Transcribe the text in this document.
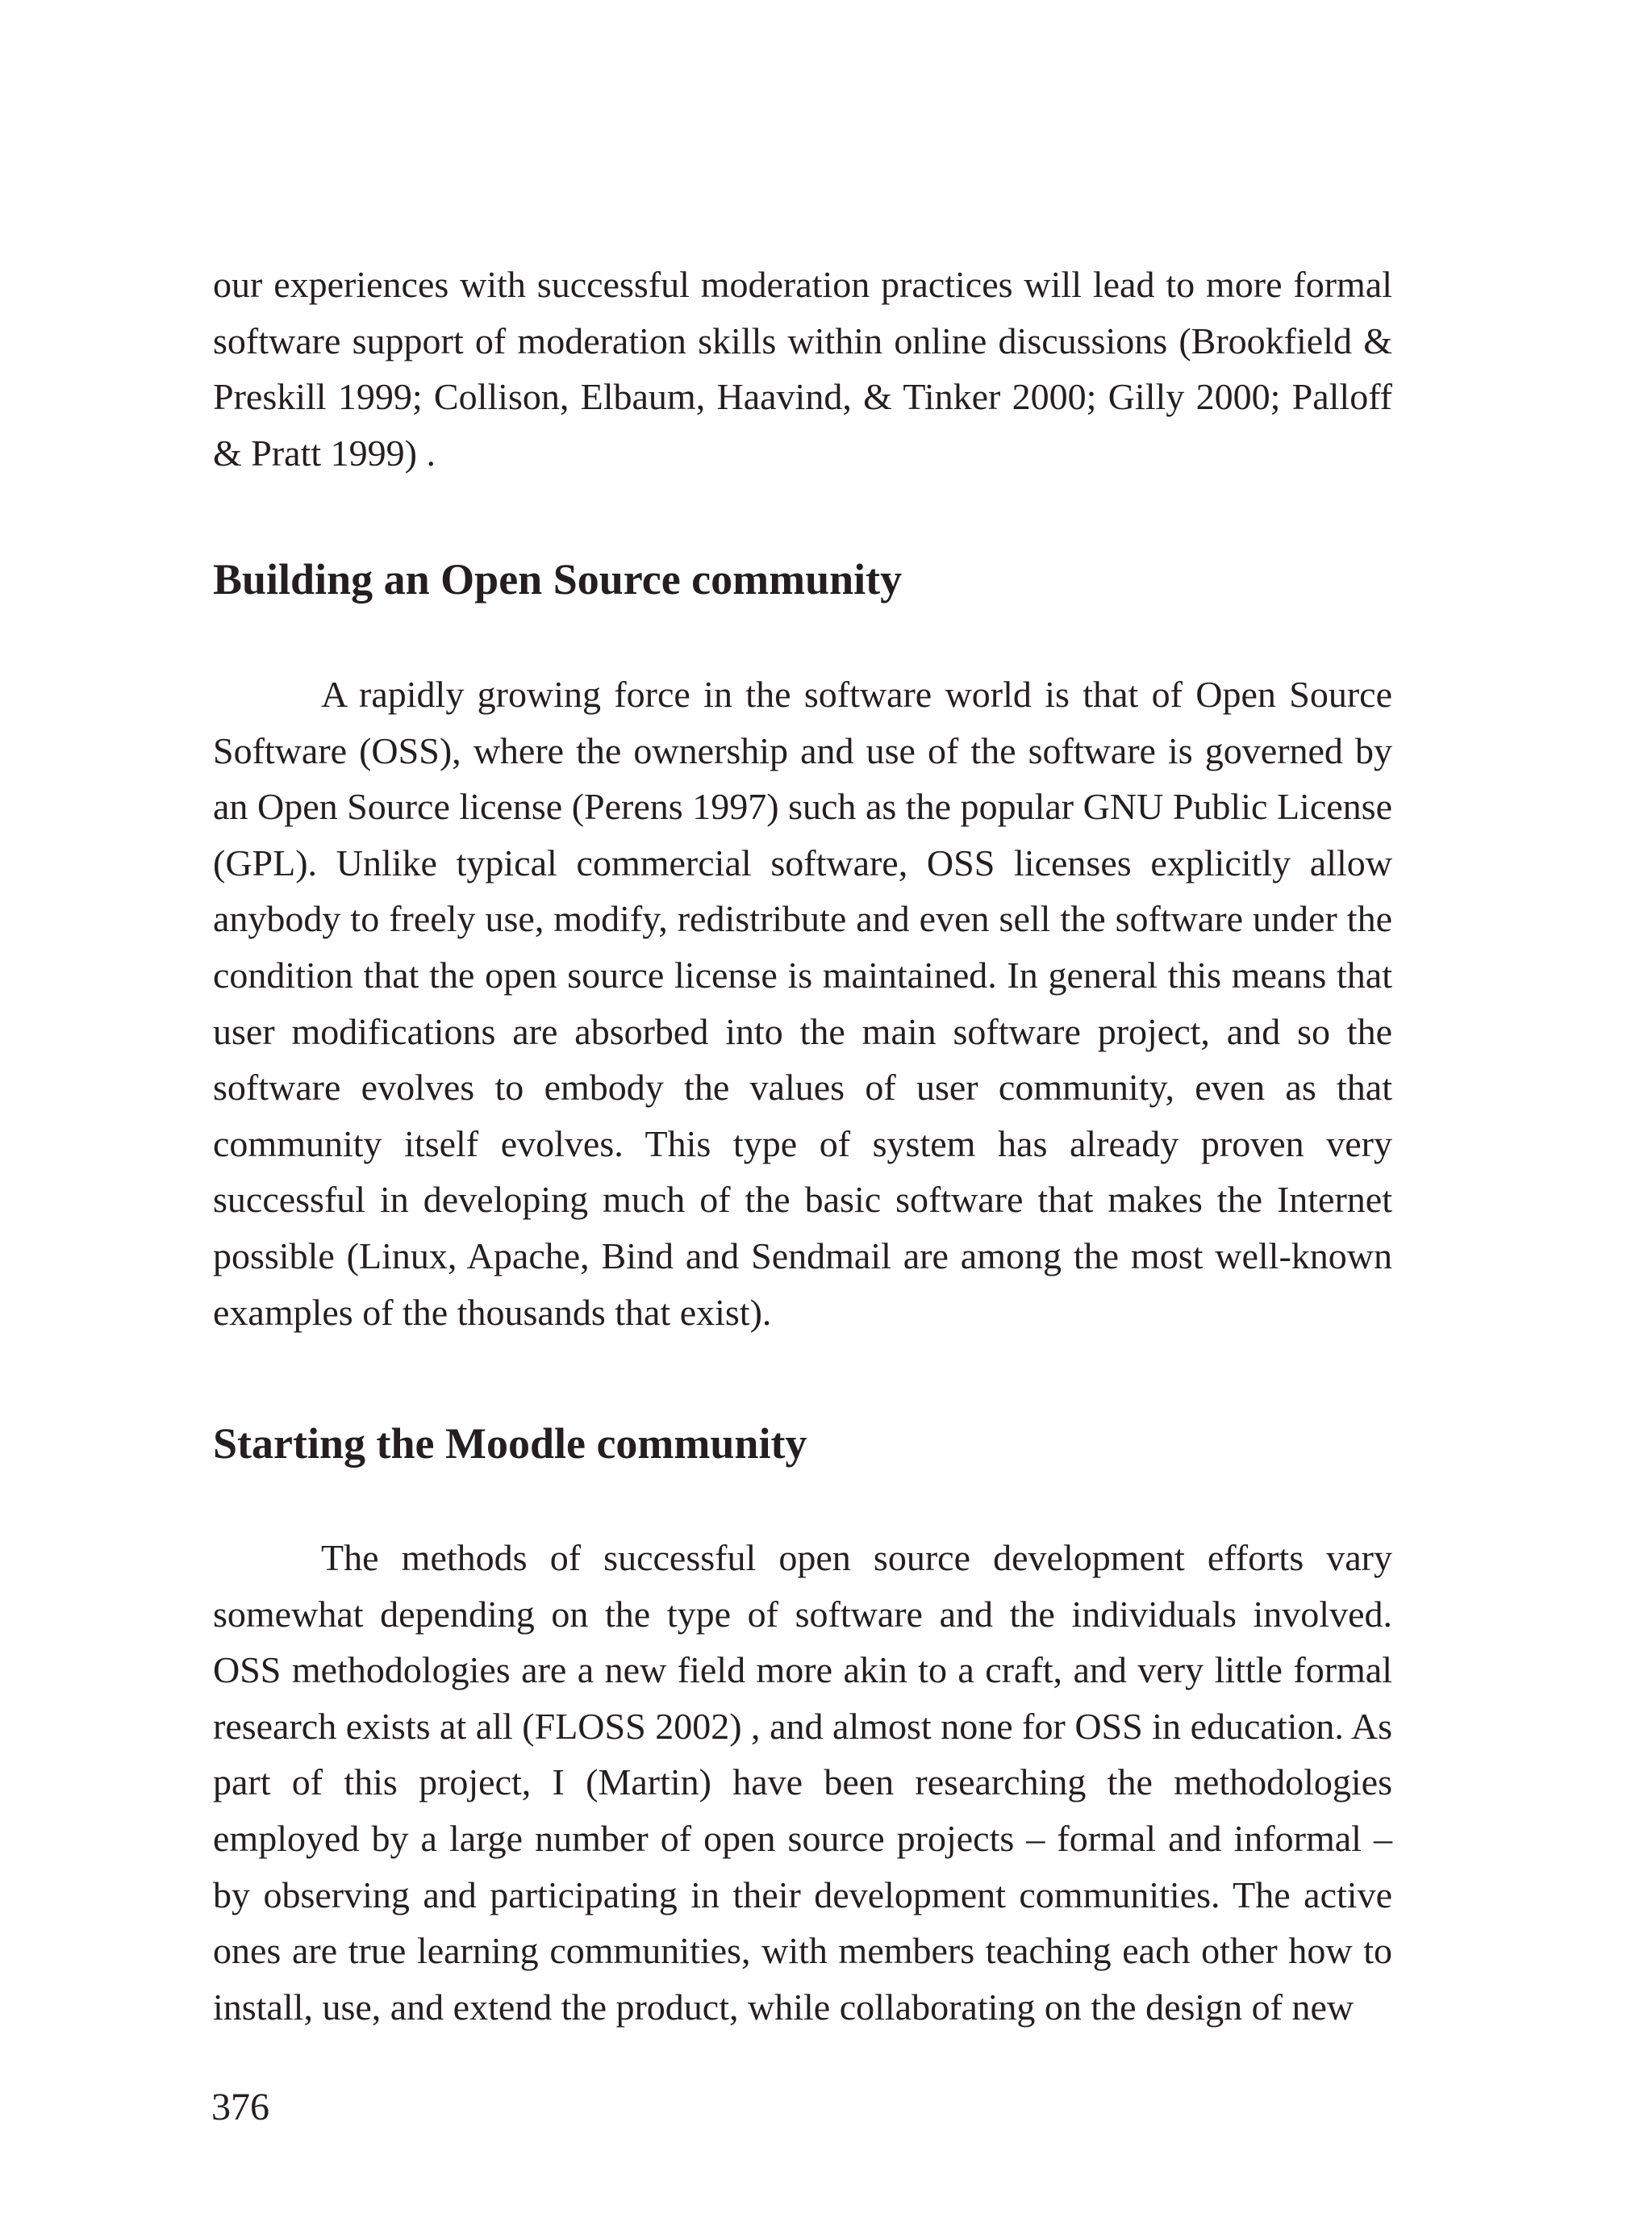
our experiences with successful moderation practices will lead to more formal software support of moderation skills within online discussions (Brookfield & Preskill 1999; Collison, Elbaum, Haavind, & Tinker 2000; Gilly 2000; Palloff & Pratt 1999) .

Building an Open Source community

A rapidly growing force in the software world is that of Open Source Software (OSS), where the ownership and use of the software is governed by an Open Source license (Perens 1997) such as the popular GNU Public License (GPL). Unlike typical commercial software, OSS licenses explicitly allow anybody to freely use, modify, redistribute and even sell the software under the condition that the open source license is maintained. In general this means that user modifications are absorbed into the main software project, and so the software evolves to embody the values of user community, even as that community itself evolves. This type of system has already proven very successful in developing much of the basic software that makes the Internet possible (Linux, Apache, Bind and Sendmail are among the most well-known examples of the thousands that exist).

Starting the Moodle community

The methods of successful open source development efforts vary somewhat depending on the type of software and the individuals involved. OSS methodologies are a new field more akin to a craft, and very little formal research exists at all (FLOSS 2002) , and almost none for OSS in education. As part of this project, I (Martin) have been researching the methodologies employed by a large number of open source projects – formal and informal – by observing and participating in their development communities. The active ones are true learning communities, with members teaching each other how to install, use, and extend the product, while collaborating on the design of new

376
